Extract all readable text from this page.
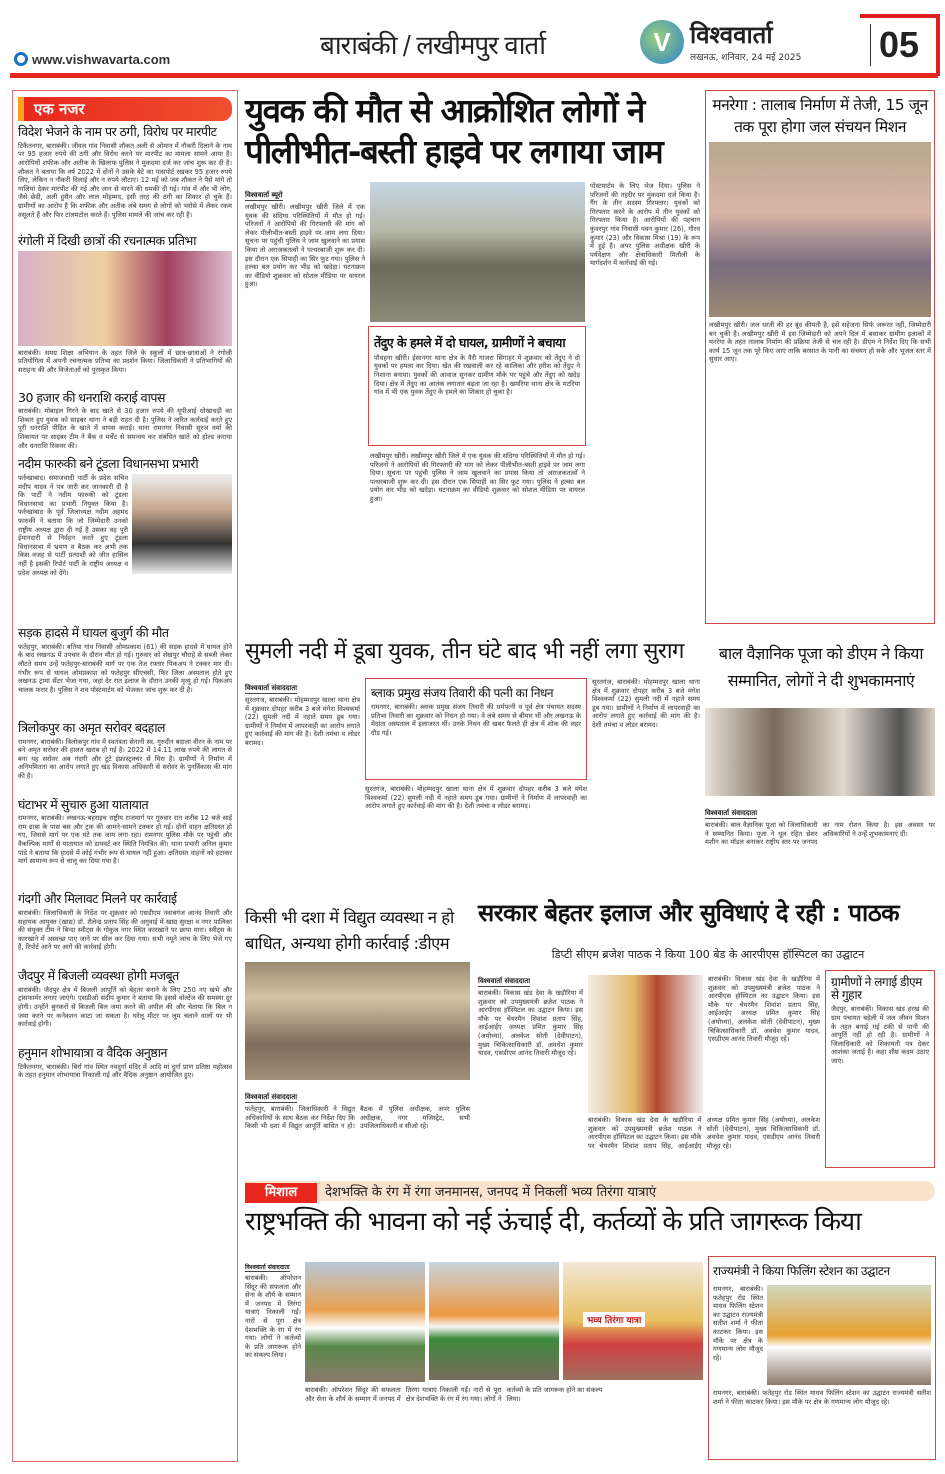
www.vishwavarta.com	बाराबंकी / लखीमपुर वार्ता	V विश्ववार्ता
लखनऊ, शनिवार, 24 मई 2025 05
एक नजर
विदेश भेजने के नाम पर ठगी, विरोध पर मारपीट
टिकैतनगर, बाराबंकी। जीवल गांव निवासी शौकत अली से ओमान में नौकरी दिलाने के नाम पर 95 हजार रुपये की ठगी और विरोध करने पर मारपीट का मामला सामने आया है। आरोपियों शफीक और अतीक के खिलाफ पुलिस ने मुकदमा दर्ज कर जांच शुरू कर दी है। शौकत ने बताया कि वर्ष 2022 में दोनों ने उसके बेटे का पासपोर्ट रखकर 95 हजार रुपये लिए, लेकिन न नौकरी दिलाई और न रुपये लौटाए। 12 मई को जब शौकत ने पैसे मांगे तो गालियां देकर मारपीट की गई और जान से मारने की धमकी दी गई। गांव में और भी लोग, जैसे छेदी, अली हुसैन और लाल मोहम्मद, इसी तरह की ठगी का शिकार हो चुके हैं। ग्रामीणों का आरोप है कि शफीक और अतीक लंबे समय से लोगों को भरोसे में लेकर रकम वसूलते हैं और फिर टालमटोल करते हैं। पुलिस मामले की जांच कर रही है।
रंगोली में दिखी छात्रों की रचनात्मक प्रतिभा
बाराबंकी। समग्र शिक्षा अभियान के तहत जिले के स्कूलों में छात्र-छात्राओं ने रंगोली प्रतियोगिता में अपनी रचनात्मक प्रतिभा का प्रदर्शन किया। जिलाधिकारी ने प्रतिभागियों की सराहना की और विजेताओं को पुरस्कृत किया।
30 हजार की धनराशि कराई वापस
बाराबंकी। मोबाइल गिरने के बाद खाते से 30 हजार रुपये की यूपीआई धोखाधड़ी का शिकार हुए युवक को साइबर थाना ने बड़ी राहत दी है। पुलिस ने त्वरित कार्रवाई करते हुए पूरी धनराशि पीड़ित के खाते में वापस कराई। थाना रामनगर निवासी सूरज वर्मा की शिकायत पर साइबर टीम ने बैंक व मर्चेंट से समन्वय कर संबंधित खाते को होल्ड कराया और धनराशि रिकवर की।
नदीम फारुकी बने टूंडला विधानसभा प्रभारी
फर्रुखाबाद। समाजवादी पार्टी के प्रदेश सचिव मंदीप यादव ने पत्र जारी कर जानकारी दी है कि पार्टी ने नदीम फारुकी को टूंडला विधानसभा का प्रभारी नियुक्त किया है। फर्रुखाबाद के पूर्व जिलाध्यक्ष नदीम अहमद फारुकी ने बताया कि जो जिम्मेदारी उनको राष्ट्रीय अध्यक्ष द्वारा दी गई है उसका वह पूरी ईमानदारी से निर्वहन करते हुए टूंडला विधानसभा में भ्रमण व बैठक कर अभी तक किस वजह से पार्टी प्रत्याशी को जीत हासिल नहीं है इसकी रिपोर्ट पार्टी के राष्ट्रीय अध्यक्ष व प्रदेश अध्यक्ष को देंगे।
सड़क हादसे में घायल बुजुर्ग की मौत
फतेहपुर, बाराबंकी। बतिया गांव निवासी ओमप्रकाश (61) की सड़क हादसे में घायल होने के बाद लखनऊ में उपचार के दौरान मौत हो गई। गुरुवार को शेखपुर चौराहे से सब्जी लेकर लौटते समय उन्हें फतेहपुर-बाराबंकी मार्ग पर एक तेज रफ्तार पिकअप ने टक्कर मार दी। गंभीर रूप से घायल ओमप्रकाश को फतेहपुर सीएचसी, फिर जिला अस्पताल होते हुए लखनऊ ट्रामा सेंटर भेजा गया, जहां देर रात इलाज के दौरान उनकी मृत्यु हो गई। पिकअप चालक फरार है। पुलिस ने शव पोस्टमार्टम को भेजकर जांच शुरू कर दी है।
त्रिलोकपुर का अमृत सरोवर बदहाल
रामनगर, बाराबंकी। त्रिलोकपुर गांव में स्वतंत्रता सेनानी स्व. गुरुदीन बदाला वीरन के नाम पर बने अमृत सरोवर की हालत खराब हो गई है। 2022 में 14.11 लाख रुपये की लागत से बना यह सरोवर अब गंदगी और टूटे इंफ्रास्ट्रक्चर से घिरा है। ग्रामीणों ने निर्माण में अनियमितता का आरोप लगाते हुए खंड विकास अधिकारी से सरोवर के पुनर्विकास की मांग की है।
घंटाभर में सुचारु हुआ यातायात
रामनगर, बाराबंकी। लखनऊ-बहराइच राष्ट्रीय राजमार्ग पर गुरुवार रात करीब 12 बजे साईं राम ढाबा के पास बस और ट्रक की आमने-सामने टक्कर हो गई। दोनों वाहन क्षतिग्रस्त हो गए, जिससे मार्ग पर एक घंटे तक जाम लगा रहा। रामनगर पुलिस मौके पर पहुंची और वैकल्पिक मार्गों से यातायात को डायवर्ट कर स्थिति नियंत्रित की। थाना प्रभारी अनिल कुमार पांडे ने बताया कि हादसे में कोई गंभीर रूप से घायल नहीं हुआ। क्षतिग्रस्त वाहनों को हटाकर मार्ग सामान्य रूप से चालू कर दिया गया है।
गंदगी और मिलावट मिलने पर कार्रवाई
बाराबंकी। जिलाधिकारी के निर्देश पर शुक्रवार को एसडीएम नवाबगंज आनंद तिवारी और सहायक आयुक्त (खाद्य) डॉ. शैलेन्द्र प्रताप सिंह की अगुवाई में खाद्य सुरक्षा व नगर पालिका की संयुक्त टीम ने बिन्दा स्वीट्स के गोकुल नगर स्थित कारखाने पर छापा मारा। स्वीट्स के कारखाने में अस्वच्छ पाए जाने पर सील कर दिया गया। सभी नमूने जांच के लिए भेजे गए हैं, रिपोर्ट आने पर आगे की कार्रवाई होगी।
जैदपुर में बिजली व्यवस्था होगी मजबूत
बाराबंकी। जैदपुर क्षेत्र में बिजली आपूर्ति को बेहतर बनाने के लिए 250 नए खंभे और ट्रांसफार्मर लगाए जाएंगे। एसडीओ संदीप कुमार ने बताया कि इससे वोल्टेज की समस्या दूर होगी। उन्होंने बुनकरों से बिजली बिल जमा करने की अपील की और चेताया कि बिल न जमा करने पर कनेक्शन काटा जा सकता है। घरेलू मीटर पर लूम चलाने वालों पर भी कार्रवाई होगी।
हनुमान शोभायात्रा व वैदिक अनुष्ठान
टिकैतनगर, बाराबंकी। बिर्रा गांव स्थित नवदुर्गा मंदिर में आदि मां दुर्गा प्राण प्रतिष्ठा महोत्सव के तहत हनुमान शोभायात्रा निकाली गई और वैदिक अनुष्ठान आयोजित हुए।
युवक की मौत से आक्रोशित लोगों ने पीलीभीत-बस्ती हाइवे पर लगाया जाम
विश्ववार्ता ब्यूरो
लखीमपुर खीरी। लखीमपुर खीरी जिले में एक युवक की संदिग्ध परिस्थितियों में मौत हो गई। परिजनों ने आरोपियों की गिरफ्तारी की मांग को लेकर पीलीभीत-बस्ती हाइवे पर जाम लगा दिया। सूचना पर पहुंची पुलिस ने जाम खुलवाने का प्रयास किया तो अराजकतत्वों ने पत्थरबाजी शुरू कर दी। इस दौरान एक सिपाही का सिर फूट गया। पुलिस ने हल्का बल प्रयोग कर भीड़ को खदेड़ा। घटनाक्रम का वीडियो शुक्रवार को सोशल मीडिया पर वायरल हुआ।
पोस्टमार्टम के लिए भेज दिया। पुलिस ने परिजनों की तहरीर पर मुकदमा दर्ज किया है। गैंग के तीन सदस्य गिरफ्तार। युवकों को गिरफ्तार करने के आरोप में तीन युवकों को गिरफ्तार किया है। आरोपियों की पहचान कुंवरपुर गांव निवासी पवन कुमार (26), गौरव कुमार (23) और विकास मिश्रा (19) के रूप में हुई है। अपर पुलिस अधीक्षक खीरी के पर्यवेक्षण और क्षेत्राधिकारी मितौली के मार्गदर्शन में कार्रवाई की गई।
तेंदुए के हमले में दो घायल, ग्रामीणों ने बचाया
पौधहना खीरी। ईसानगर थाना क्षेत्र के वैरी गाजरा सिंगाहर में शुक्रवार को तेंदुए ने दो युवकों पर हमला कर दिया। खेत की रखवाली कर रहे कालिका और हरीश को तेंदुए ने निशाना बनाया। युवकों की आवाज सुनकर ग्रामीण मौके पर पहुंचे और तेंदुए को खदेड़ दिया। क्षेत्र में तेंदुए का आतंक लगातार बढ़ता जा रहा है। खमरिया थाना क्षेत्र के मटरिया गांव में भी एक युवक तेंदुए के हमले का शिकार हो चुका है।
लखीमपुर खीरी। लखीमपुर खीरी जिले में एक युवक की संदिग्ध परिस्थितियों में मौत हो गई। परिजनों ने आरोपियों की गिरफ्तारी की मांग को लेकर पीलीभीत-बस्ती हाइवे पर जाम लगा दिया। सूचना पर पहुंची पुलिस ने जाम खुलवाने का प्रयास किया तो अराजकतत्वों ने पत्थरबाजी शुरू कर दी। इस दौरान एक सिपाही का सिर फूट गया। पुलिस ने हल्का बल प्रयोग कर भीड़ को खदेड़ा। घटनाक्रम का वीडियो शुक्रवार को सोशल मीडिया पर वायरल हुआ।
मनरेगा : तालाब निर्माण में तेजी, 15 जून तक पूरा होगा जल संचयन मिशन
लखीमपुर खीरी। जल धरती की हर बूंद कीमती है, इसे सहेजना सिर्फ जरूरत नहीं, जिम्मेदारी बन चुकी है। लखीमपुर खीरी में इस जिम्मेदारी को अपने दिल में बसाकर ग्रामीण इलाकों में मनरेगा के तहत तालाब निर्माण की प्रक्रिया तेजी से चल रही है। डीएम ने निर्देश दिए कि सभी कार्य 15 जून तक पूरे किए जाएं ताकि बरसात के पानी का संचयन हो सके और भूजल स्तर में सुधार आए।
सुमली नदी में डूबा युवक, तीन घंटे बाद भी नहीं लगा सुराग
विश्ववार्ता संवाददाता
सूरतगंज, बाराबंकी। मोहम्मदपुर खाला थाना क्षेत्र में शुक्रवार दोपहर करीब 3 बजे मंगेश विश्वकर्मा (22) सुमली नदी में नहाते समय डूब गया। ग्रामीणों ने निर्माण में लापरवाही का आरोप लगाते हुए कार्रवाई की मांग की है। देशी तमंचा व लोडर बरामद।
ब्लाक प्रमुख संजय तिवारी की पत्नी का निधन
रामनगर, बाराबंकी। ब्लाक प्रमुख संजय तिवारी की धर्मपत्नी व पूर्व क्षेत्र पंचायत सदस्य प्रतिभा तिवारी का शुक्रवार को निधन हो गया। वे लंबे समय से बीमार थीं और लखनऊ के मेदांता अस्पताल में इलाजरत थीं। उनके निधन की खबर फैलते ही क्षेत्र में शोक की लहर दौड़ गई।
सूरतगंज, बाराबंकी। मोहम्मदपुर खाला थाना क्षेत्र में शुक्रवार दोपहर करीब 3 बजे मंगेश विश्वकर्मा (22) सुमली नदी में नहाते समय डूब गया। ग्रामीणों ने निर्माण में लापरवाही का आरोप लगाते हुए कार्रवाई की मांग की है। देशी तमंचा व लोडर बरामद।
सूरतगंज, बाराबंकी। मोहम्मदपुर खाला थाना क्षेत्र में शुक्रवार दोपहर करीब 3 बजे मंगेश विश्वकर्मा (22) सुमली नदी में नहाते समय डूब गया। ग्रामीणों ने निर्माण में लापरवाही का आरोप लगाते हुए कार्रवाई की मांग की है। देशी तमंचा व लोडर बरामद।
बाल वैज्ञानिक पूजा को डीएम ने किया सम्मानित, लोगों ने दी शुभकामनाएं
विश्ववार्ता संवाददाता
बाराबंकी। बाल वैज्ञानिक पूजा को जिलाधिकारी ने सम्मानित किया। पूजा ने धूल रहित थ्रेशर मशीन का मॉडल बनाकर राष्ट्रीय स्तर पर जनपद का नाम रोशन किया है। इस अवसर पर अधिकारियों ने उन्हें शुभकामनाएं दीं।
किसी भी दशा में विद्युत व्यवस्था न हो बाधित, अन्यथा होगी कार्रवाई :डीएम
विश्ववार्ता संवाददाता
फतेहपुर, बाराबंकी। जिलाधिकारी ने विद्युत अधिकारियों के साथ बैठक कर निर्देश दिए कि किसी भी दशा में विद्युत आपूर्ति बाधित न हो। बैठक में पुलिस अधीक्षक, अपर पुलिस अधीक्षक, नगर मजिस्ट्रेट, सभी उपजिलाधिकारी व सीओ रहे।
सरकार बेहतर इलाज और सुविधाएं दे रही : पाठक
डिप्टी सीएम ब्रजेश पाठक ने किया 100 बेड के आरपीएस हॉस्पिटल का उद्घाटन
विश्ववार्ता संवाददाता
बाराबंकी। विकास खंड देवा के खड़ौरिया में शुक्रवार को उपमुख्यमंत्री ब्रजेश पाठक ने आरपीएस हॉस्पिटल का उद्घाटन किया। इस मौके पर चेयरमैन शिवांश प्रताप सिंह, आईआईए अध्यक्ष प्रमित कुमार सिंह (अयोध्या), अलकेश सोती (देवीपाटन), मुख्य चिकित्साधिकारी डॉ. अवधेश कुमार यादव, एसडीएम आनंद तिवारी मौजूद रहे।
बाराबंकी। विकास खंड देवा के खड़ौरिया में शुक्रवार को उपमुख्यमंत्री ब्रजेश पाठक ने आरपीएस हॉस्पिटल का उद्घाटन किया। इस मौके पर चेयरमैन शिवांश प्रताप सिंह, आईआईए अध्यक्ष प्रमित कुमार सिंह (अयोध्या), अलकेश सोती (देवीपाटन), मुख्य चिकित्साधिकारी डॉ. अवधेश कुमार यादव, एसडीएम आनंद तिवारी मौजूद रहे।
बाराबंकी। विकास खंड देवा के खड़ौरिया में शुक्रवार को उपमुख्यमंत्री ब्रजेश पाठक ने आरपीएस हॉस्पिटल का उद्घाटन किया। इस मौके पर चेयरमैन शिवांश प्रताप सिंह, आईआईए अध्यक्ष प्रमित कुमार सिंह (अयोध्या), अलकेश सोती (देवीपाटन), मुख्य चिकित्साधिकारी डॉ. अवधेश कुमार यादव, एसडीएम आनंद तिवारी मौजूद रहे।
ग्रामीणों ने लगाई डीएम से गुहार
जैदपुर, बाराबंकी। विकास खंड हरख की ग्राम पंचायत बड़ेली में जल जीवन मिशन के तहत बनाई गई टंकी से पानी की आपूर्ति नहीं हो रही है। ग्रामीणों ने जिलाधिकारी को शिकायती पत्र देकर आशंका जताई है। कहा शीघ्र कदम उठाए जाएं।
मिशाल देशभक्ति के रंग में रंगा जनमानस, जनपद में निकलीं भव्य तिरंगा यात्राएं
राष्ट्रभक्ति की भावना को नई ऊंचाई दी, कर्तव्यों के प्रति जागरूक किया
विश्ववार्ता संवाददाता
बाराबंकी। ऑपरेशन सिंदूर की सफलता और सेना के शौर्य के सम्मान में जनपद में तिरंगा यात्राएं निकाली गईं। नारों से पूरा क्षेत्र देशभक्ति के रंग में रंग गया। लोगों ने कर्तव्यों के प्रति जागरूक होने का संकल्प लिया।
भव्य तिरंगा यात्रा
बाराबंकी। ऑपरेशन सिंदूर की सफलता और सेना के शौर्य के सम्मान में जनपद में तिरंगा यात्राएं निकाली गईं। नारों से पूरा क्षेत्र देशभक्ति के रंग में रंग गया। लोगों ने कर्तव्यों के प्रति जागरूक होने का संकल्प लिया।
राज्यमंत्री ने किया फिलिंग स्टेशन का उद्घाटन
रामनगर, बाराबंकी। फतेहपुर रोड स्थित माधव फिलिंग स्टेशन का उद्घाटन राज्यमंत्री सतीश शर्मा ने फीता काटकर किया। इस मौके पर क्षेत्र के गणमान्य लोग मौजूद रहे।
रामनगर, बाराबंकी। फतेहपुर रोड स्थित माधव फिलिंग स्टेशन का उद्घाटन राज्यमंत्री सतीश शर्मा ने फीता काटकर किया। इस मौके पर क्षेत्र के गणमान्य लोग मौजूद रहे।
